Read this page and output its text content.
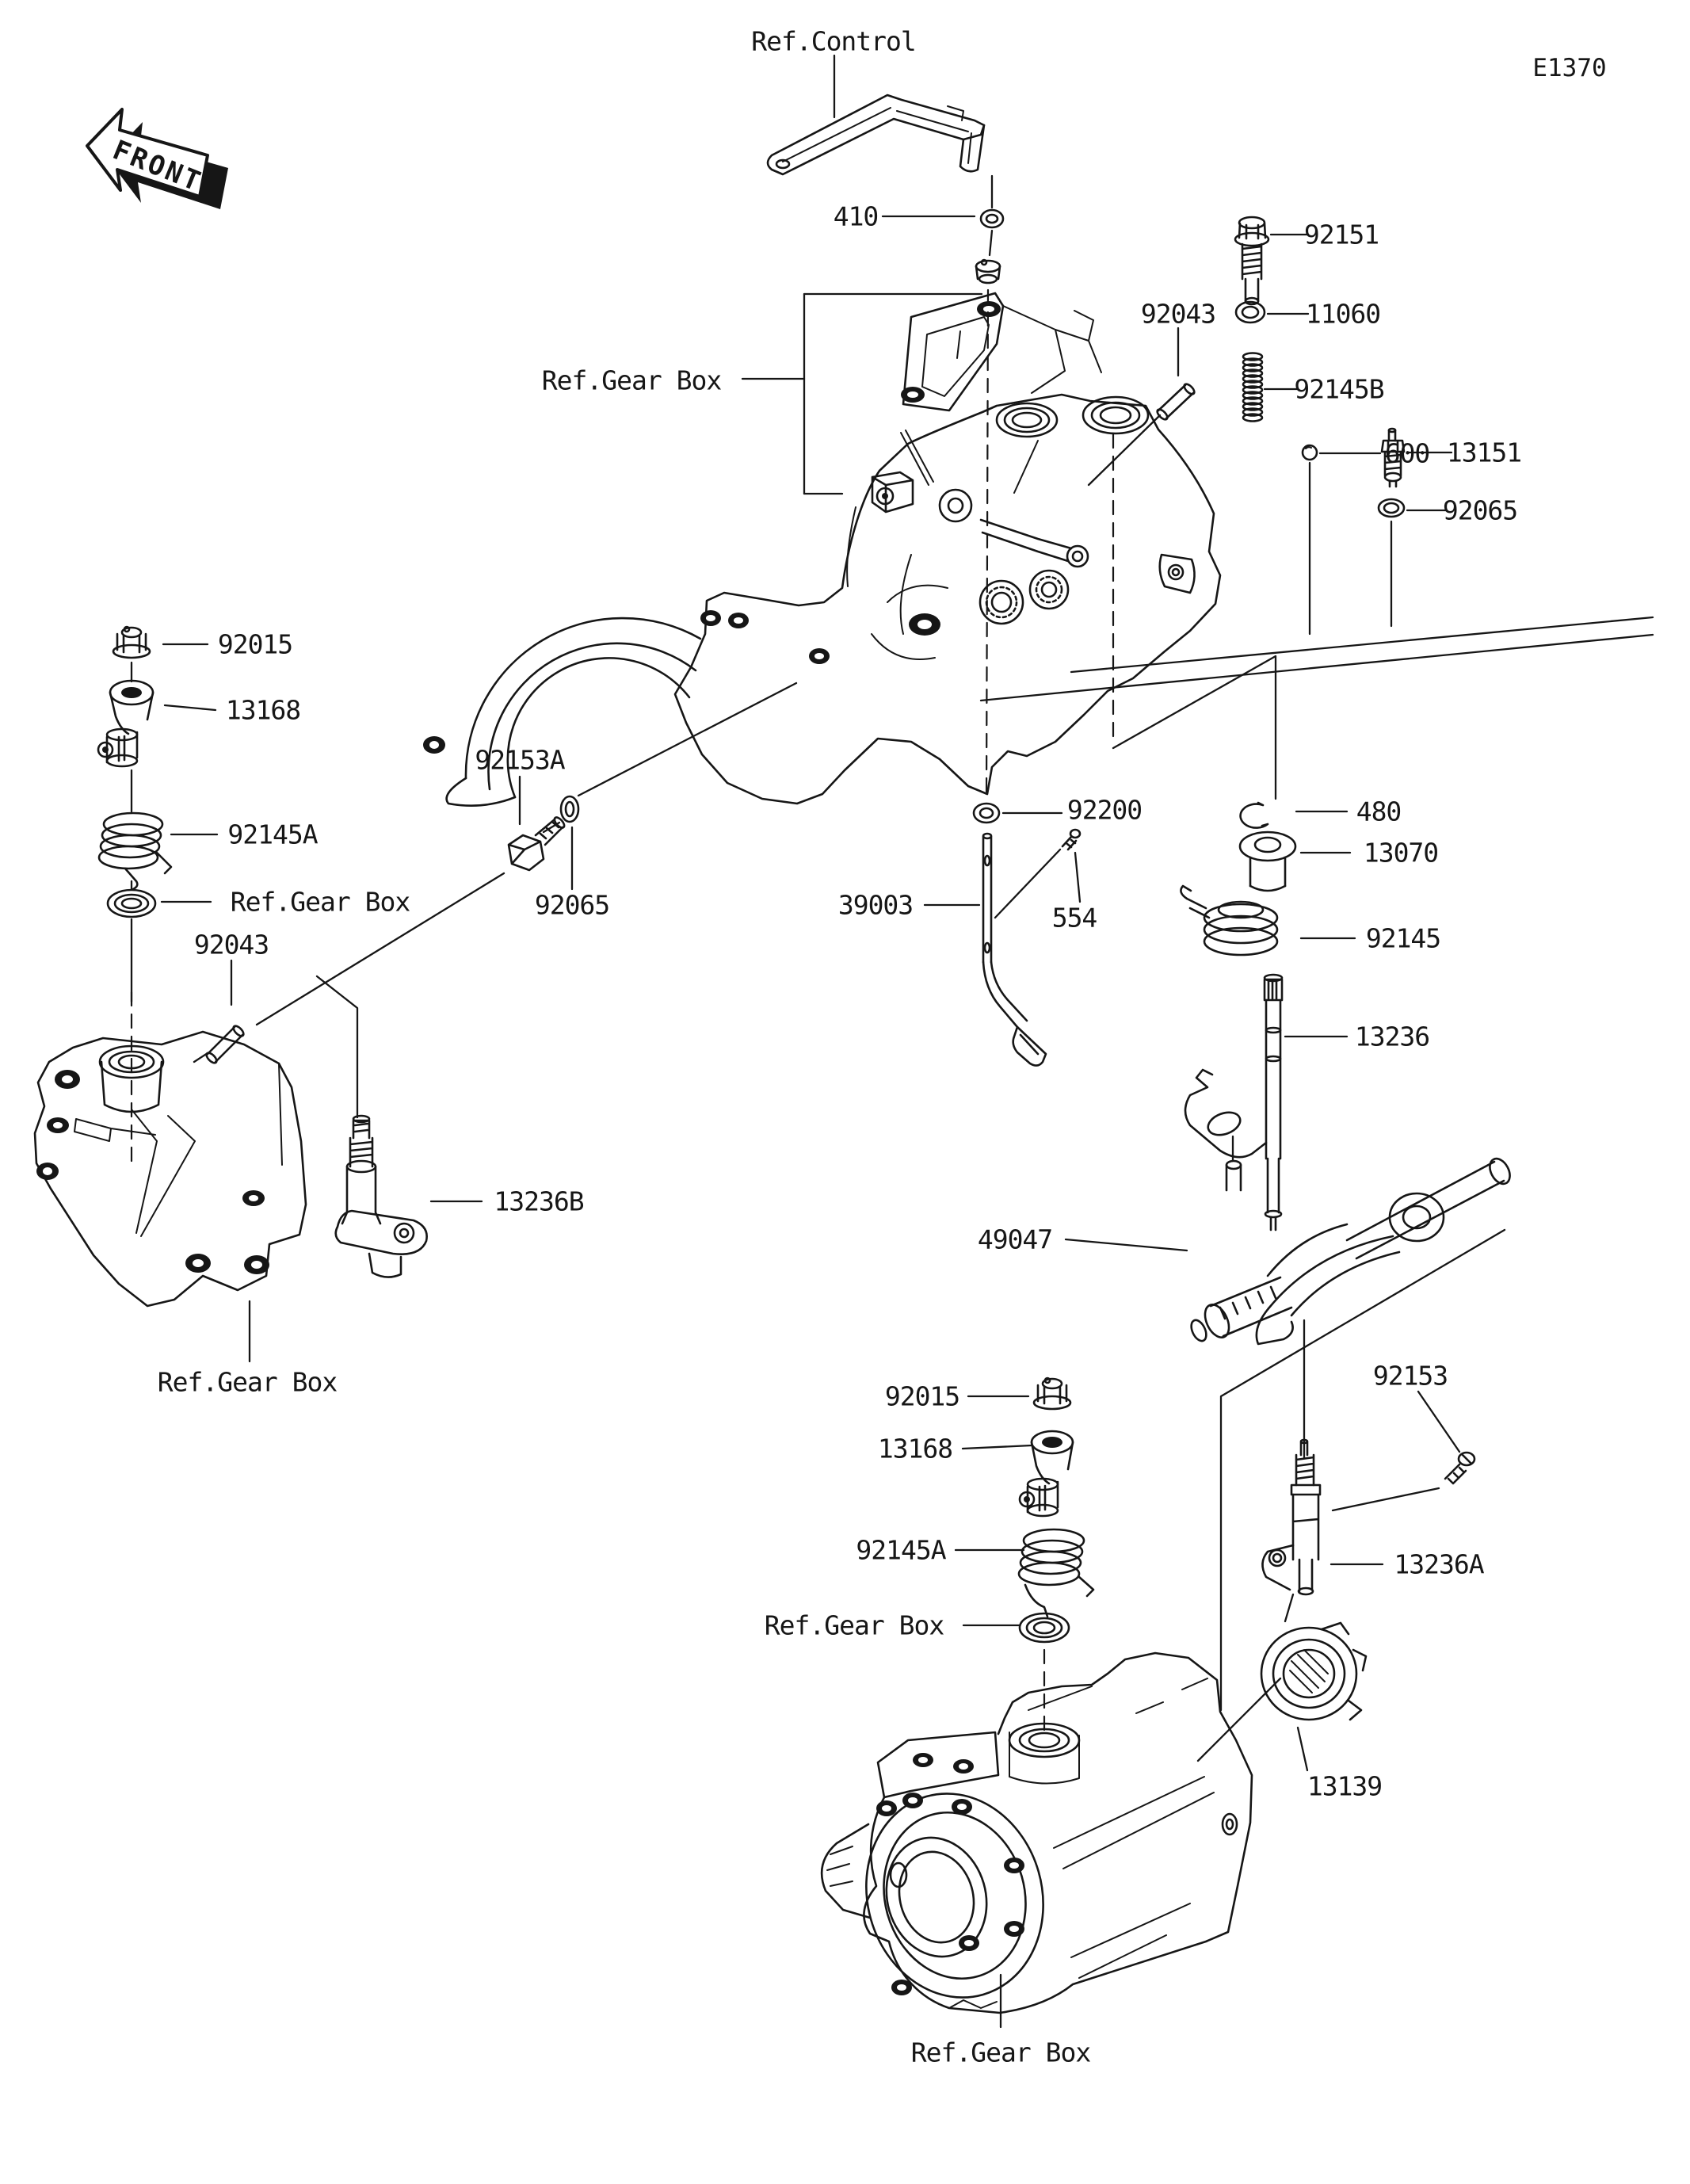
FRONT
Ref.Control
410
92151
92043	11060
92145B
600 13151
92065
Ref.Gear Box
92015
13168
92145A
Ref.Gear Box
92043
92153A
92065	39003	554
92200	480
13070
92145
13236
13236B
49047
Ref.Gear Box	92015
13168
92153
92145A
Ref.Gear Box
13236A
13139
Ref.Gear Box
E1370
